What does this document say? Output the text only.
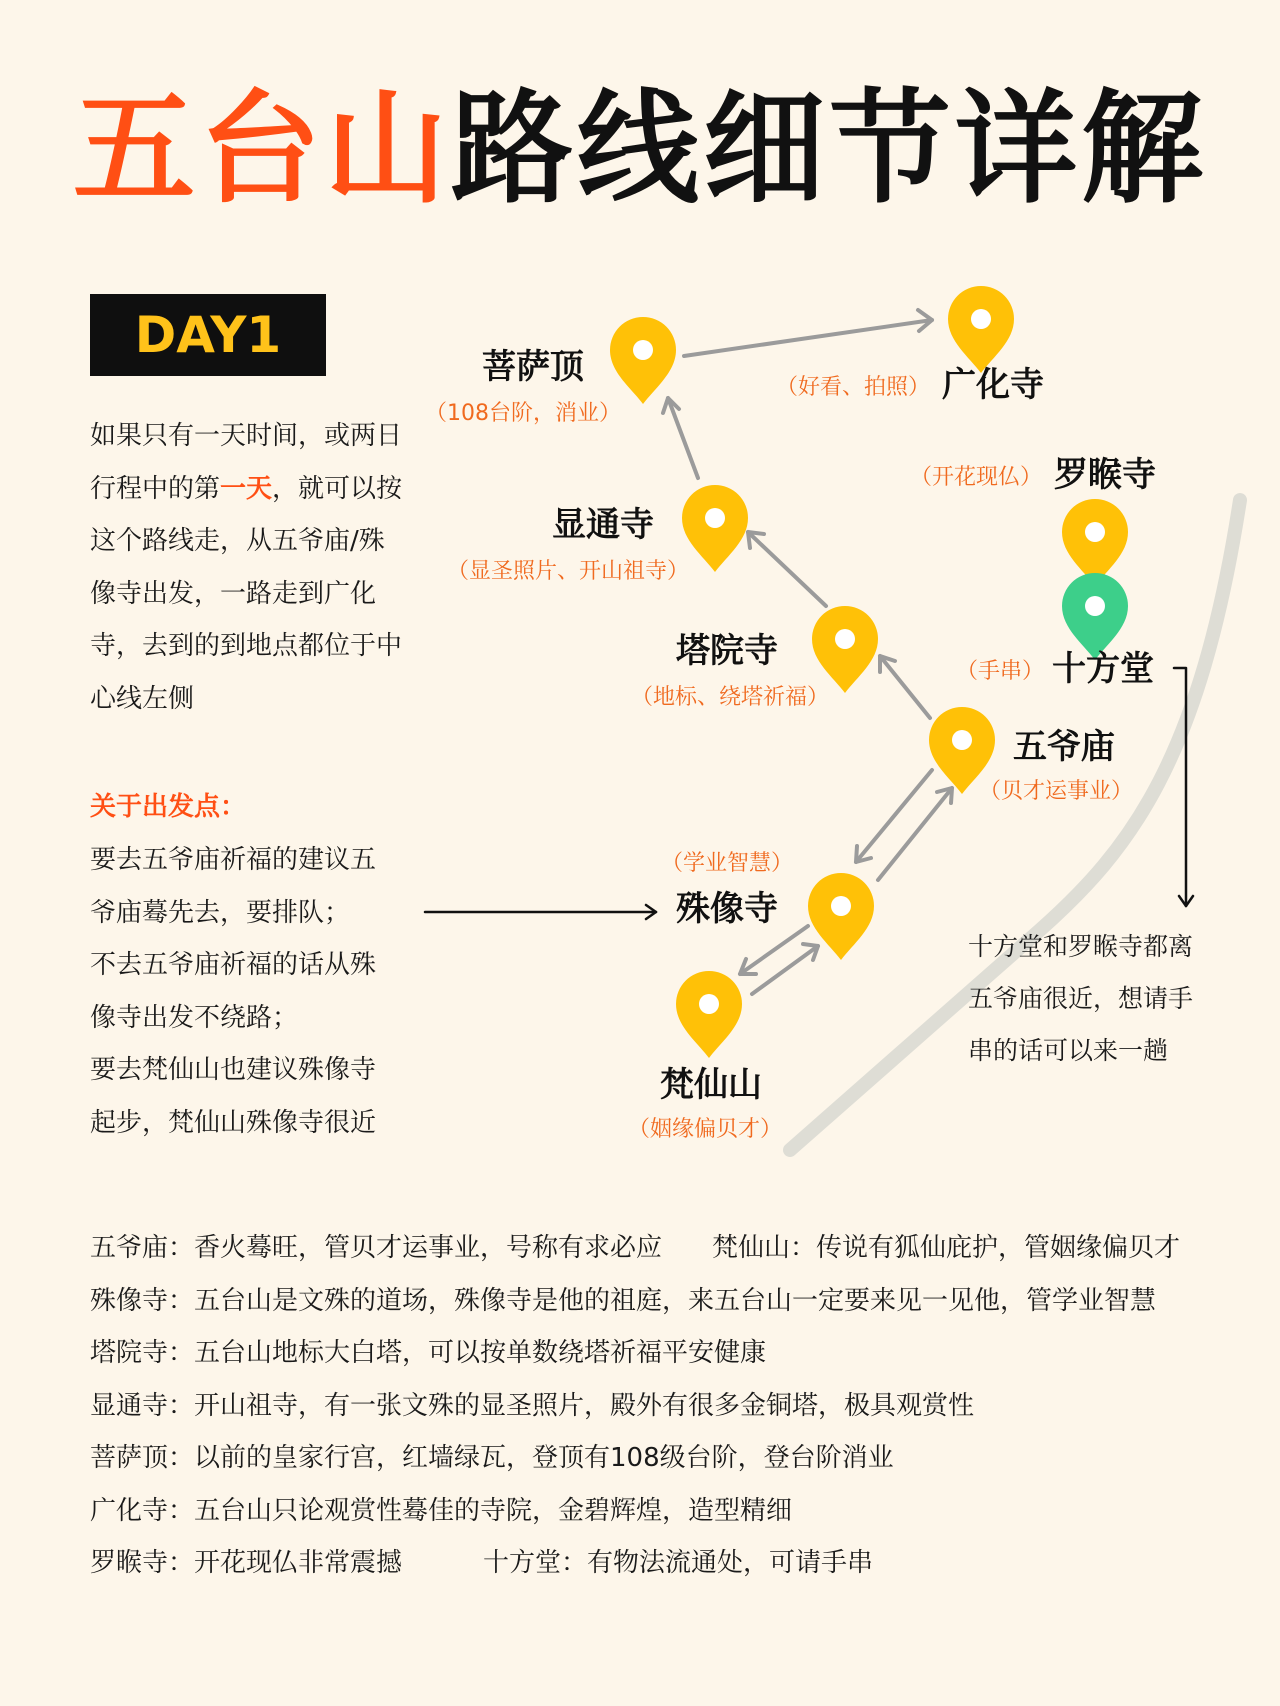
五台山路线细节详解
DAY1
如果只有一天时间，或两日行程中的第一天，就可以按这个路线走，从五爷庙/殊像寺出发，一路走到广化寺，去到的到地点都位于中心线左侧
关于出发点：
要去五爷庙祈福的建议五
爷庙蓦先去，要排队；
不去五爷庙祈福的话从殊
像寺出发不绕路；
要去梵仙山也建议殊像寺
起步，梵仙山殊像寺很近
菩萨顶
（108台阶，消业）
广化寺
（好看、拍照）
罗睺寺
（开花现仏）
显通寺
（显圣照片、开山祖寺）
十方堂
（手串）
塔院寺
（地标、绕塔祈福）
五爷庙
（贝才运事业）
（学业智慧）
殊像寺
梵仙山
（姻缘偏贝才）
十方堂和罗睺寺都离
五爷庙很近，想请手
串的话可以来一趟
五爷庙：香火蓦旺，管贝才运事业，号称有求必应 梵仙山：传说有狐仙庇护，管姻缘偏贝才
殊像寺：五台山是文殊的道场，殊像寺是他的祖庭，来五台山一定要来见一见他，管学业智慧
塔院寺：五台山地标大白塔，可以按单数绕塔祈福平安健康
显通寺：开山祖寺，有一张文殊的显圣照片，殿外有很多金铜塔，极具观赏性
菩萨顶：以前的皇家行宫，红墙绿瓦，登顶有108级台阶，登台阶消业
广化寺：五台山只论观赏性蓦佳的寺院，金碧辉煌，造型精细
罗睺寺：开花现仏非常震撼	十方堂：有物法流通处，可请手串
